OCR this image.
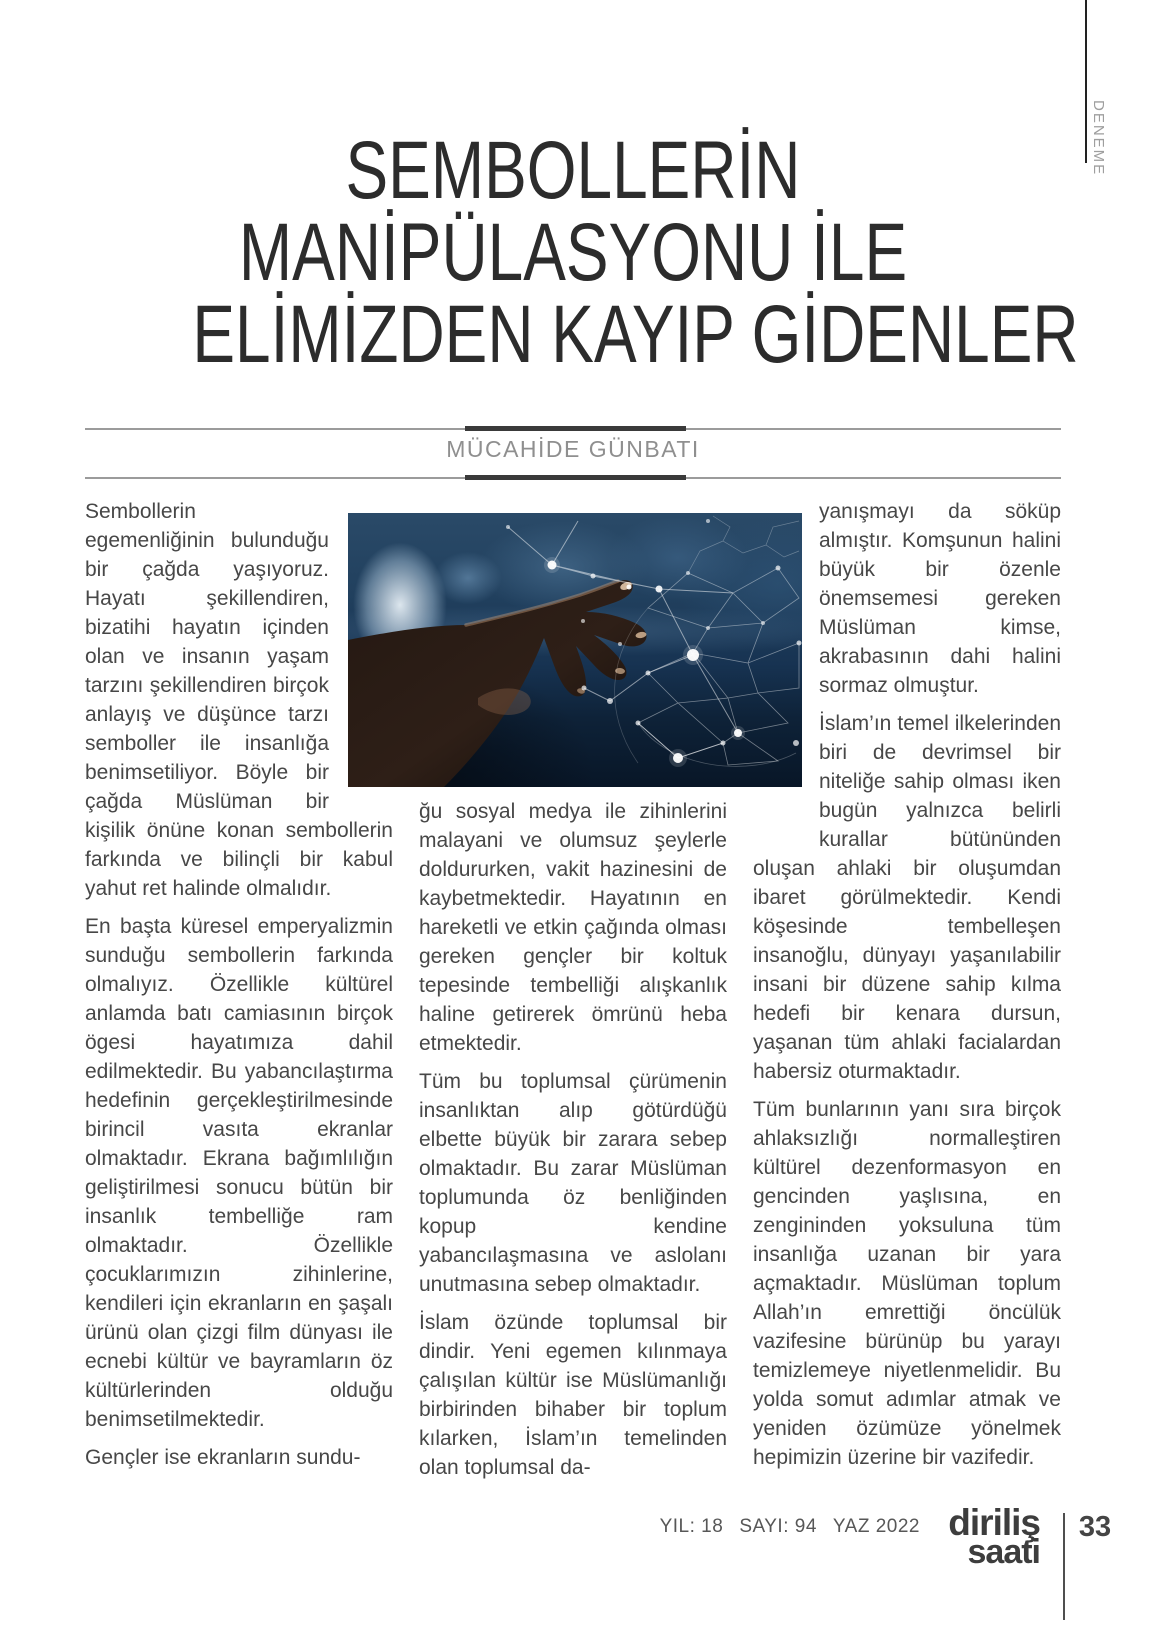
SEMBOLLERİN
MANİPÜLASYONU İLE
ELİMİZDEN KAYIP GİDENLER
MÜCAHİDE GÜNBATI

Sembollerin egemenliğinin bulunduğu bir çağda yaşıyoruz. Hayatı şekillendiren, bizatihi hayatın içinden olan ve insanın yaşam tarzını şekillendiren birçok anlayış ve düşünce tarzı semboller ile insanlığa benimsetiliyor. Böyle bir çağda Müslüman bir kişilik önüne konan sembollerin farkında ve bilinçli bir kabul yahut ret halinde olmalıdır.

En başta küresel emperyalizmin sunduğu sembollerin farkında olmalıyız. Özellikle kültürel anlamda batı camiasının birçok ögesi hayatımıza dahil edilmektedir. Bu yabancılaştırma hedefinin gerçekleştirilmesinde birincil vasıta ekranlar olmaktadır. Ekrana bağımlılığın geliştirilmesi sonucu bütün bir insanlık tembelliğe ram olmaktadır. Özellikle çocuklarımızın zihinlerine, kendileri için ekranların en şaşalı ürünü olan çizgi film dünyası ile ecnebi kültür ve bayramların öz kültürlerinden olduğu benimsetilmektedir.

Gençler ise ekranların sundu-

ğu sosyal medya ile zihinlerini malayani ve olumsuz şeylerle doldururken, vakit hazinesini de kaybetmektedir. Hayatının en hareketli ve etkin çağında olması gereken gençler bir koltuk tepesinde tembelliği alışkanlık haline getirerek ömrünü heba etmektedir.

Tüm bu toplumsal çürümenin insanlıktan alıp götürdüğü elbette büyük bir zarara sebep olmaktadır. Bu zarar Müslüman toplumunda öz benliğinden kopup kendine yabancılaşmasına ve aslolanı unutmasına sebep olmaktadır.

İslam özünde toplumsal bir dindir. Yeni egemen kılınmaya çalışılan kültür ise Müslümanlığı birbirinden bihaber bir toplum kılarken, İslam’ın temelinden olan toplumsal da-

yanışmayı da söküp almıştır. Komşunun halini büyük bir özenle önemsemesi gereken Müslüman kimse, akrabasının dahi halini sormaz olmuştur.

İslam’ın temel ilkelerinden biri de devrimsel bir niteliğe sahip olması iken bugün yalnızca belirli kurallar bütününden oluşan ahlaki bir oluşumdan ibaret görülmektedir. Kendi köşesinde tembelleşen insanoğlu, dünyayı yaşanılabilir insani bir düzene sahip kılma hedefi bir kenara dursun, yaşanan tüm ahlaki facialardan habersiz oturmaktadır.

Tüm bunlarının yanı sıra birçok ahlaksızlığı normalleştiren kültürel dezenformasyon en gencinden yaşlısına, en zengininden yoksuluna tüm insanlığa uzanan bir yara açmaktadır. Müslüman toplum Allah’ın emrettiği öncülük vazifesine bürünüp bu yarayı temizlemeye niyetlenmelidir. Bu yolda somut adımlar atmak ve yeniden özümüze yönelmek hepimizin üzerine bir vazifedir.

DENEME
YIL: 18 SAYI: 94 YAZ 2022 diriliş
saati
33
